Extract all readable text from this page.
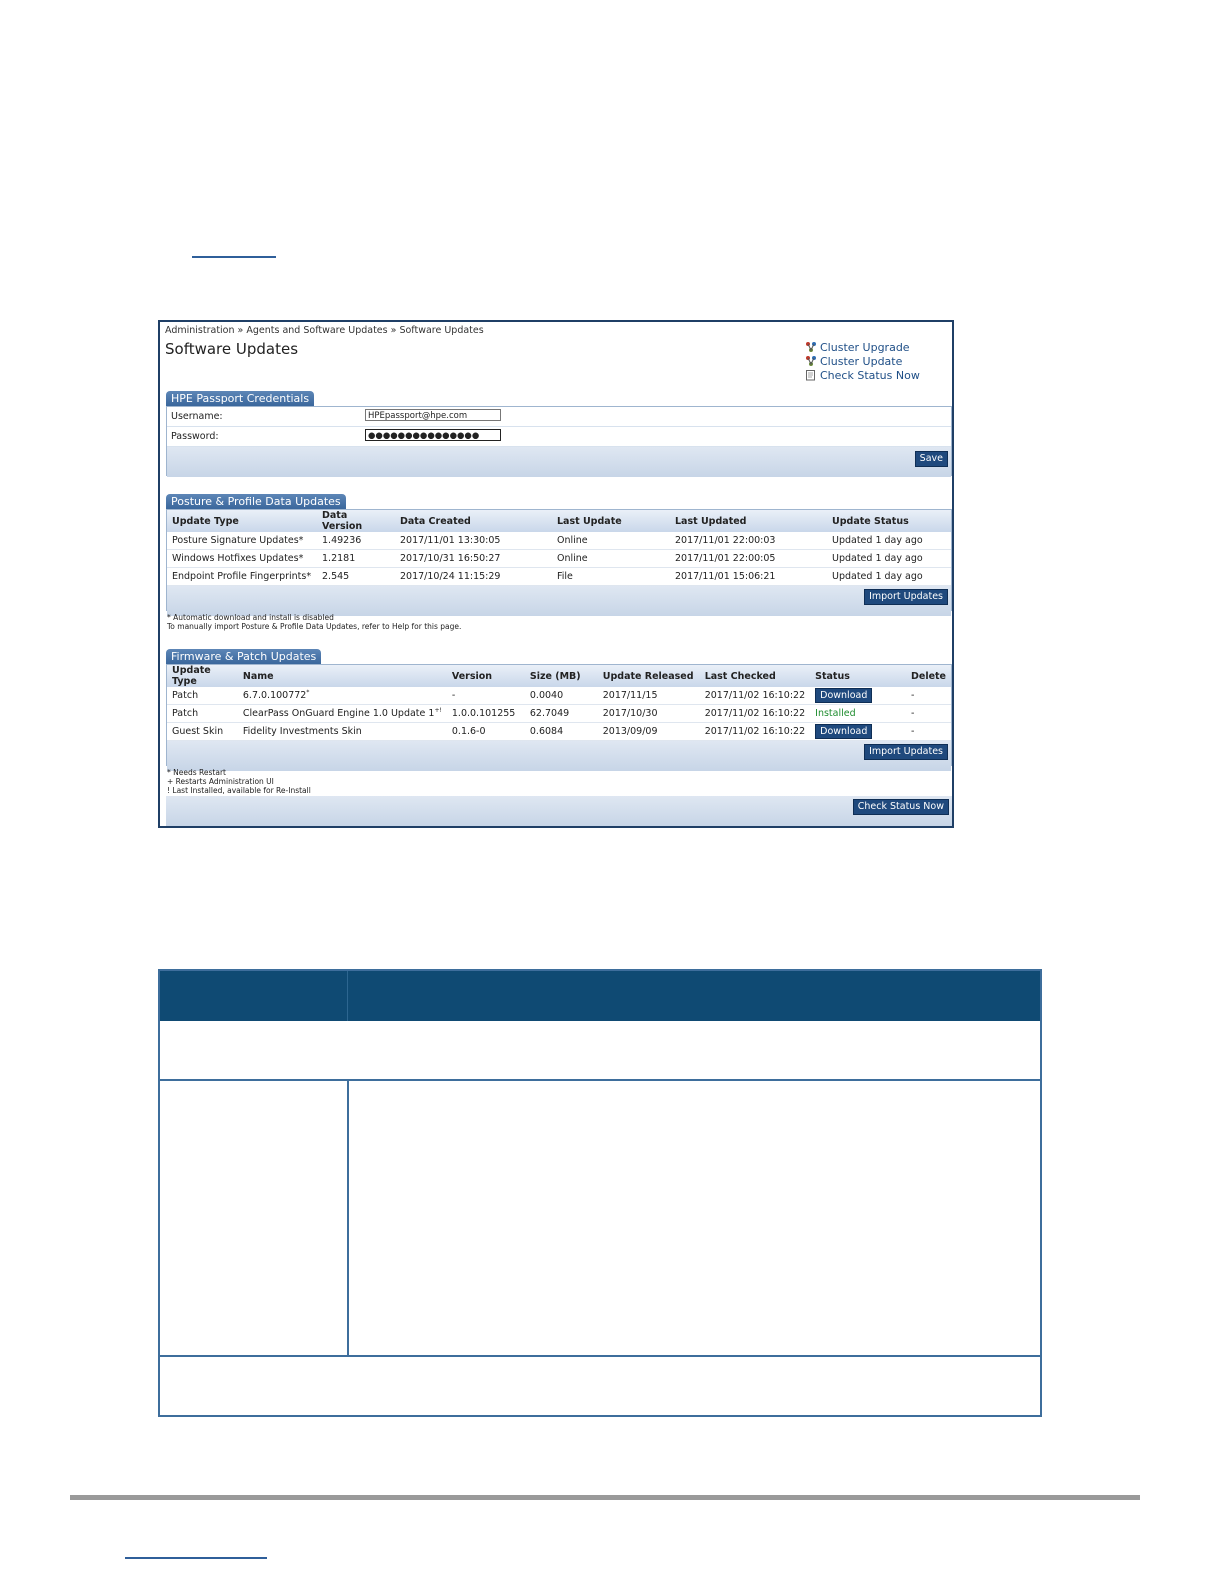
Administration » Agents and Software Updates » Software Updates
Software Updates	Cluster Upgrade
Cluster Update
Check Status Now
HPE Passport Credentials
Username:	HPEpassport@hpe.com
Password:	●●●●●●●●●●●●●●●
Save
Posture & Profile Data Updates
Update Type	Data Version	Data Created	Last Update	Last Updated	Update Status
Posture Signature Updates*	1.49236	2017/11/01 13:30:05	Online	2017/11/01 22:00:03	Updated 1 day ago
Windows Hotfixes Updates*	1.2181	2017/10/31 16:50:27	Online	2017/11/01 22:00:05	Updated 1 day ago
Endpoint Profile Fingerprints*	2.545	2017/10/24 11:15:29	File	2017/11/01 15:06:21	Updated 1 day ago
Import Updates
* Automatic download and install is disabled
To manually import Posture & Profile Data Updates, refer to Help for this page.
Firmware & Patch Updates
Update Type	Name	Version	Size (MB)	Update Released	Last Checked	Status	Delete
Patch	6.7.0.100772*	-	0.0040	2017/11/15	2017/11/02 16:10:22	Download	-
Patch	ClearPass OnGuard Engine 1.0 Update 1+!	1.0.0.101255	62.7049	2017/10/30	2017/11/02 16:10:22	Installed	-
Guest Skin	Fidelity Investments Skin	0.1.6-0	0.6084	2013/09/09	2017/11/02 16:10:22	Download	-
Import Updates
* Needs Restart
+ Restarts Administration UI
! Last Installed, available for Re-Install
Check Status Now
